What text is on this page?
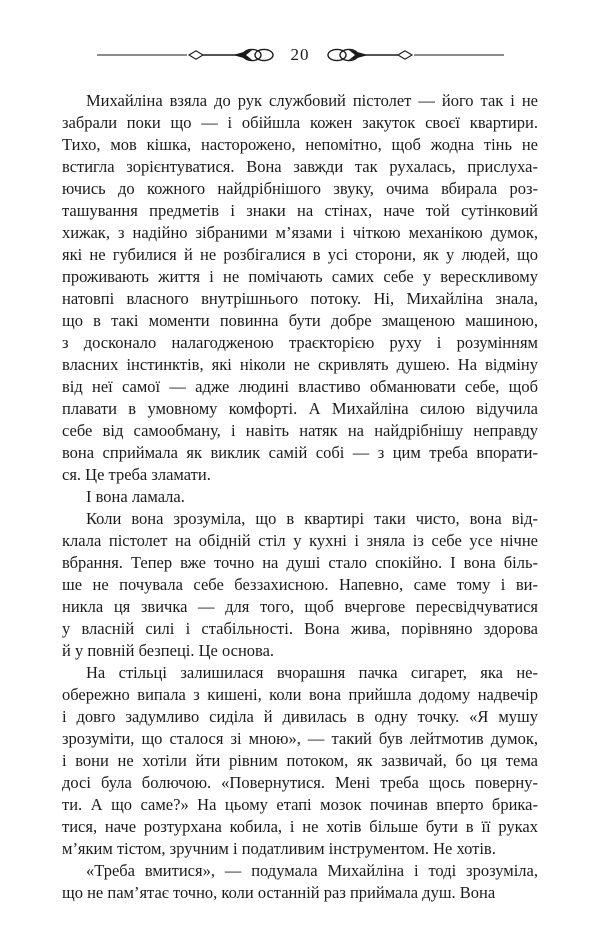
20

Михайліна взяла до рук службовий пістолет — його так і не
забрали поки що — і обійшла кожен закуток своєї квартири.
Тихо, мов кішка, насторожено, непомітно, щоб жодна тінь не
встигла зорієнтуватися. Вона завжди так рухалась, прислуха-
ючись до кожного найдрібнішого звуку, очима вбирала роз-
ташування предметів і знаки на стінах, наче той сутінковий
хижак, з надійно зібраними м’язами і чіткою механікою думок,
які не губилися й не розбігалися в усі сторони, як у людей, що
проживають життя і не помічають самих себе у верескливому
натовпі власного внутрішнього потоку. Ні, Михайліна знала,
що в такі моменти повинна бути добре змащеною машиною,
з досконало налагодженою траєкторією руху і розумінням
власних інстинктів, які ніколи не скривлять душею. На відміну
від неї самої — адже людині властиво обманювати себе, щоб
плавати в умовному комфорті. А Михайліна силою відучила
себе від самообману, і навіть натяк на найдрібнішу неправду
вона сприймала як виклик самій собі — з цим треба впорати-
ся. Це треба зламати.

І вона ламала.

Коли вона зрозуміла, що в квартирі таки чисто, вона від-
клала пістолет на обідній стіл у кухні і зняла із себе усе нічне
вбрання. Тепер вже точно на душі стало спокійно. І вона біль-
ше не почувала себе беззахисною. Напевно, саме тому і ви-
никла ця звичка — для того, щоб вчергове пересвідчуватися
у власній силі і стабільності. Вона жива, порівняно здорова
й у повній безпеці. Це основа.

На стільці залишилася вчорашня пачка сигарет, яка не-
обережно випала з кишені, коли вона прийшла додому надвечір
і довго задумливо сиділа й дивилась в одну точку. «Я мушу
зрозуміти, що сталося зі мною», — такий був лейтмотив думок,
і вони не хотіли йти рівним потоком, як зазвичай, бо ця тема
досі була болючою. «Повернутися. Мені треба щось поверну-
ти. А що саме?» На цьому етапі мозок починав вперто брика-
тися, наче розтурхана кобила, і не хотів більше бути в її руках
м’яким тістом, зручним і податливим інструментом. Не хотів.

«Треба вмитися», — подумала Михайліна і тоді зрозуміла,
що не пам’ятає точно, коли останній раз приймала душ. Вона
